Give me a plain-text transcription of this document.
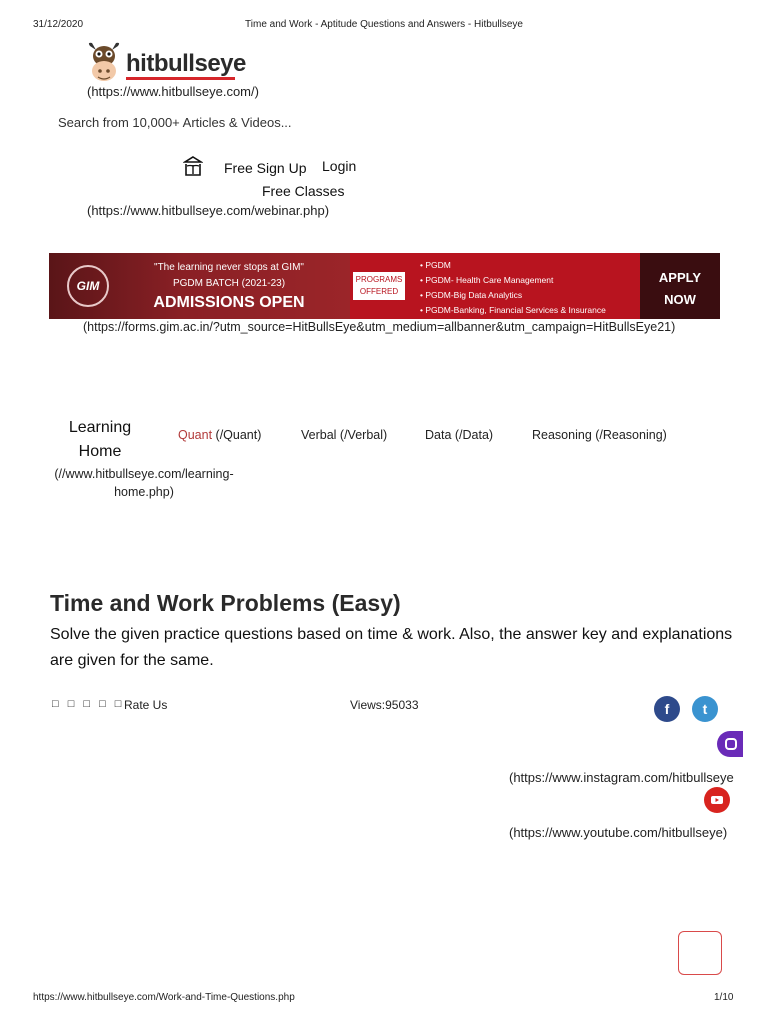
31/12/2020	Time and Work - Aptitude Questions and Answers - Hitbullseye
hitbullseye
(https://www.hitbullseye.com/)
Search from 10,000+ Articles & Videos...
Free Sign Up Login
Free Classes
(https://www.hitbullseye.com/webinar.php)
GIM
"The learning never stops at GIM"
PGDM BATCH (2021-23)
ADMISSIONS OPEN
PROGRAMS
OFFERED
• PGDM
• PGDM- Health Care Management
• PGDM-Big Data Analytics
• PGDM-Banking, Financial Services & Insurance
APPLY
NOW
(https://forms.gim.ac.in/?utm_source=HitBullsEye&utm_medium=allbanner&utm_campaign=HitBullsEye21)
Learning
Home
(//www.hitbullseye.com/learning-
home.php)
Quant (/Quant)	Verbal (/Verbal)	Data (/Data)	Reasoning (/Reasoning)
Time and Work Problems (Easy)
Solve the given practice questions based on time & work. Also, the answer key and explanations are given for the same.
□ □ □ □ □ Rate Us	Views:95033	f	t
(https://www.instagram.com/hitbullseye
(https://www.youtube.com/hitbullseye)
https://www.hitbullseye.com/Work-and-Time-Questions.php	1/10
